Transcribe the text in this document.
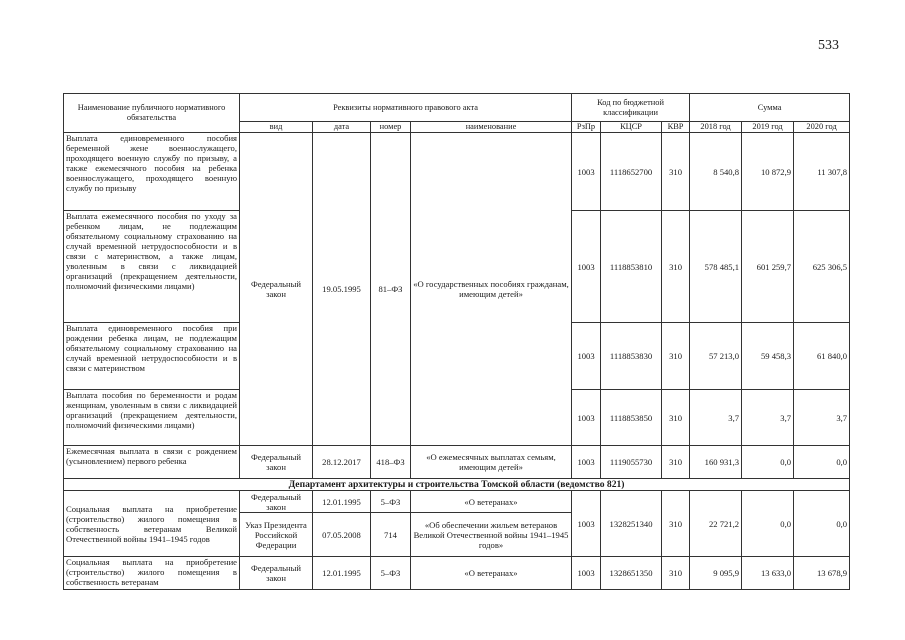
533
Наименование публичного нормативного обязательства	Реквизиты нормативного правового акта				Код по бюджетной классификации			Сумма		
	вид	дата	номер	наименование	РзПр	КЦСР	КВР	2018 год	2019 год	2020 год
Выплата единовременного пособия беременной жене военнослужащего, проходящего военную службу по призыву, а также ежемесячного пособия на ребенка военнослужащего, проходящего военную службу по призыву	Федеральный закон	19.05.1995	81–ФЗ	«О государственных пособиях гражданам, имеющим детей»	1003	1118652700	310	8 540,8	10 872,9	11 307,8
Выплата ежемесячного пособия по уходу за ребенком лицам, не подлежащим обязательному социальному страхованию на случай временной нетрудоспособности и в связи с материнством, а также лицам, уволенным в связи с ликвидацией организаций (прекращением деятельности, полномочий физическими лицами)					1003	1118853810	310	578 485,1	601 259,7	625 306,5
Выплата единовременного пособия при рождении ребенка лицам, не подлежащим обязательному социальному страхованию на случай временной нетрудоспособности и в связи с материнством					1003	1118853830	310	57 213,0	59 458,3	61 840,0
Выплата пособия по беременности и родам женщинам, уволенным в связи с ликвидацией организаций (прекращением деятельности, полномочий физическими лицами)					1003	1118853850	310	3,7	3,7	3,7
Ежемесячная выплата в связи с рождением (усыновлением) первого ребенка	Федеральный закон	28.12.2017	418–ФЗ	«О ежемесячных выплатах семьям, имеющим детей»	1003	1119055730	310	160 931,3	0,0	0,0
Департамент архитектуры и строительства Томской области (ведомство 821)										
Социальная выплата на приобретение (строительство) жилого помещения в собственность ветеранам Великой Отечественной войны 1941–1945 годов	Федеральный закон	12.01.1995	5–ФЗ	«О ветеранах»	1003	1328251340	310	22 721,2	0,0	0,0
	Указ Президента Российской Федерации	07.05.2008	714	«Об обеспечении жильем ветеранов Великой Отечественной войны 1941–1945 годов»						
Социальная выплата на приобретение (строительство) жилого помещения в собственность ветеранам	Федеральный закон	12.01.1995	5–ФЗ	«О ветеранах»	1003	1328651350	310	9 095,9	13 633,0	13 678,9
